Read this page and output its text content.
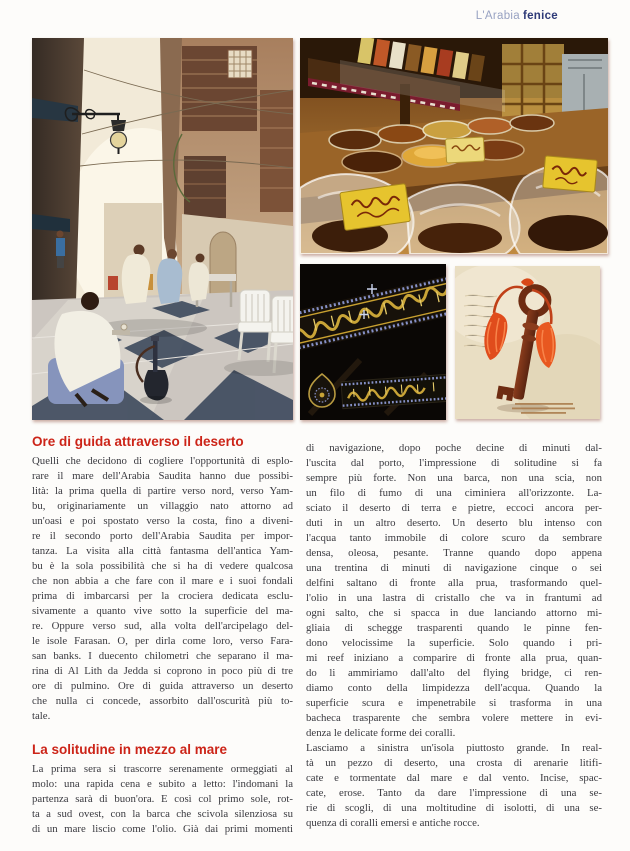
L'Arabia fenice
Ore di guida attraverso il deserto
Quelli che decidono di cogliere l'opportunità di esplo-
rare il mare dell'Arabia Saudita hanno due possibi-
lità: la prima quella di partire verso nord, verso Yam-
bu, originariamente un villaggio nato attorno ad
un'oasi e poi spostato verso la costa, fino a diveni-
re il secondo porto dell'Arabia Saudita per impor-
tanza. La visita alla città fantasma dell'antica Yam-
bu è la sola possibilità che si ha di vedere qualcosa
che non abbia a che fare con il mare e i suoi fondali
prima di imbarcarsi per la crociera dedicata esclu-
sivamente a quanto vive sotto la superficie del ma-
re. Oppure verso sud, alla volta dell'arcipelago del-
le isole Farasan. O, per dirla come loro, verso Fara-
san banks. I duecento chilometri che separano il ma-
rina di Al Lith da Jedda si coprono in poco più di tre
ore di pulmino. Ore di guida attraverso un deserto
che nulla ci concede, assorbito dall'oscurità più to-
tale.
La solitudine in mezzo al mare
La prima sera si trascorre serenamente ormeggiati al
molo: una rapida cena e subito a letto: l'indomani la
partenza sarà di buon'ora. E così col primo sole, rot-
ta a sud ovest, con la barca che scivola silenziosa su
di un mare liscio come l'olio. Già dai primi momenti
di navigazione, dopo poche decine di minuti dal-
l'uscita dal porto, l'impressione di solitudine si fa
sempre più forte. Non una barca, non una scia, non
un filo di fumo di una ciminiera all'orizzonte. La-
sciato il deserto di terra e pietre, eccoci ancora per-
duti in un altro deserto. Un deserto blu intenso con
l'acqua tanto immobile di colore scuro da sembrare
densa, oleosa, pesante. Tranne quando dopo appena
una trentina di minuti di navigazione cinque o sei
delfini saltano di fronte alla prua, trasformando quel-
l'olio in una lastra di cristallo che va in frantumi ad
ogni salto, che si spacca in due lanciando attorno mi-
gliaia di schegge trasparenti quando le pinne fen-
dono velocissime la superficie. Solo quando i pri-
mi reef iniziano a comparire di fronte alla prua, quan-
do li ammiriamo dall'alto del flying bridge, ci ren-
diamo conto della limpidezza dell'acqua. Quando la
superficie scura e impenetrabile si trasforma in una
bacheca trasparente che sembra volere mettere in evi-
denza le delicate forme dei coralli.
Lasciamo a sinistra un'isola piuttosto grande. In real-
tà un pezzo di deserto, una crosta di arenarie litifi-
cate e tormentate dal mare e dal vento. Incise, spac-
cate, erose. Tanto da dare l'impressione di una se-
rie di scogli, di una moltitudine di isolotti, di una se-
quenza di coralli emersi e antiche rocce.
